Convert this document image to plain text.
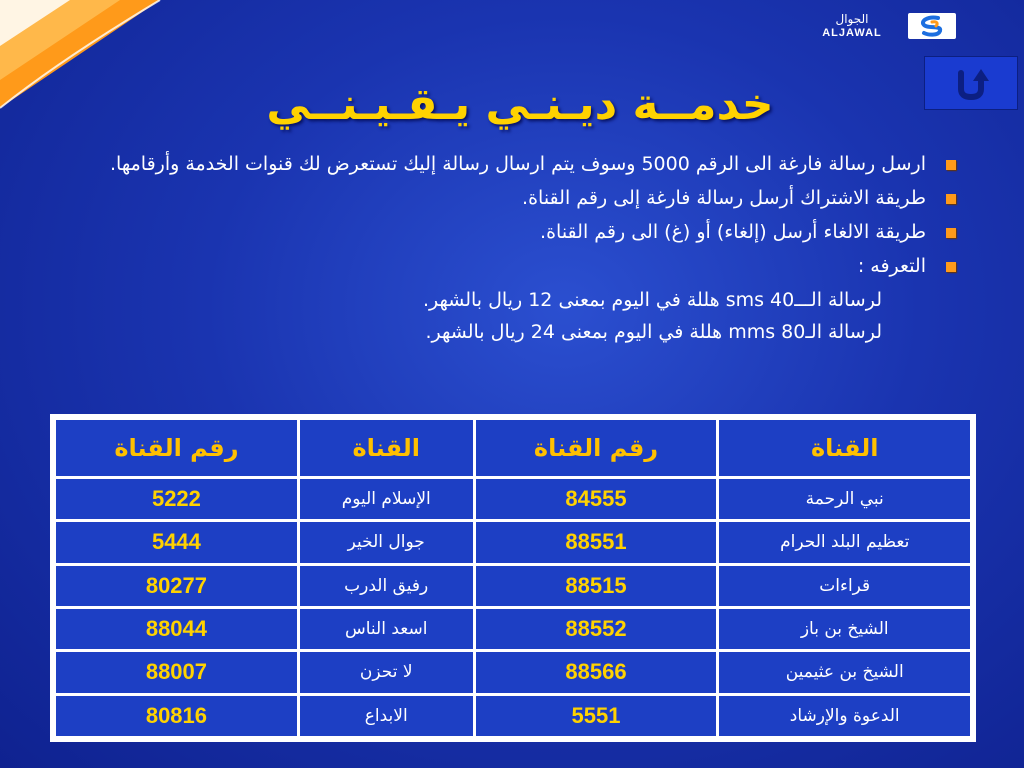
الجوال
ALJAWAL
خدمــة ديـنـي يـقـيـنــي
ارسل رسالة فارغة الى الرقم 5000 وسوف يتم ارسال رسالة إليك تستعرض لك قنوات الخدمة وأرقامها.
طريقة الاشتراك أرسل رسالة فارغة إلى رقم القناة.
طريقة الالغاء أرسل (إلغاء) أو (غ) الى رقم القناة.
التعرفه :
لرسالة الـــsms 40 هللة في اليوم بمعنى 12 ريال بالشهر.
لرسالة الـmms 80 هللة في اليوم بمعنى 24 ريال بالشهر.
القناة	رقم القناة	القناة	رقم القناة
نبي الرحمة	84555	الإسلام اليوم	5222
تعظيم البلد الحرام	88551	جوال الخير	5444
قراءات	88515	رفيق الدرب	80277
الشيخ بن باز	88552	اسعد الناس	88044
الشيخ بن عثيمين	88566	لا تحزن	88007
الدعوة والإرشاد	5551	الابداع	80816
